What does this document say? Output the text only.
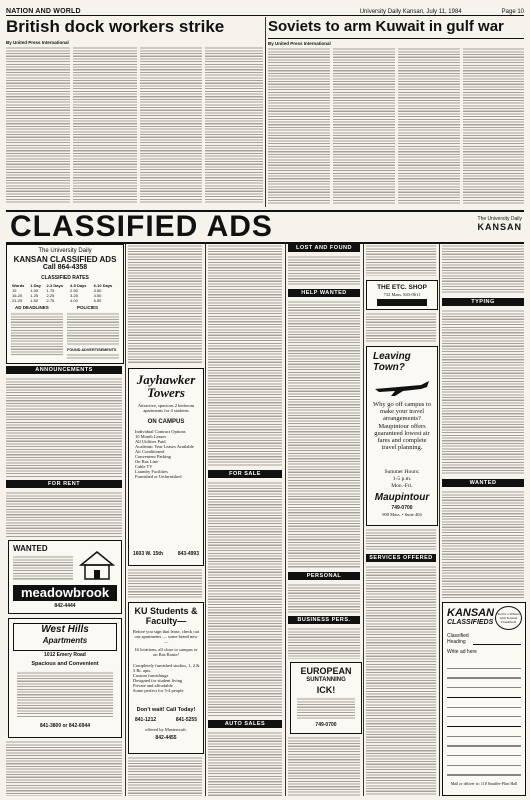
NATION AND WORLD	University Daily Kansan, July 11, 1984	Page 10
British dock workers strike
By United Press International
Soviets to arm Kuwait in gulf war
By United Press International
CLASSIFIED ADS	The University Daily
KANSAN
The University Daily
KANSAN CLASSIFIED ADS
Call 864-4358
CLASSIFIED RATES
Words	1 Day	2-3 Days	4-5 Days	6-10 Days
15	1.00	1.75	2.50	3.50
16-20	1.25	2.25	3.25	4.50
21-25	1.50	2.75	4.00	5.50
AD DEADLINES	POLICIES
FOUND ADVERTISEMENTS
ANNOUNCEMENTS
FOR RENT
WANTED
meadowbrook
842-4444
West Hills
Apartments
1012 Emery Road
Spacious and Convenient
841-3800 or 842-6944
Jayhawker
Towers
Attractive, spacious 2 bedroom apartments for 4 students
ON CAMPUS
Individual Contract Options
10 Month Leases
All Utilities Paid
Academic Year Leases Available
Air Conditioned
Convenient Parking
On Bus Line
Cable TV
Laundry Facilities
Furnished or Unfurnished
1603 W. 15th	843-4993
KU Students & Faculty—
Before you sign that lease, check out our apartments — some brand new —
16 locations, all close to campus or on Bus Route!
Completely furnished studios, 1, 2 & 3 Br. apts.
Custom furnishings
Designed for student living
Private and affordable
Some perfect for 3-4 people
Don't wait! Call Today!
841-1212	841-5255
offered by Mastercraft:
842-4455
FOR SALE
AUTO SALES
LOST AND FOUND
HELP WANTED
PERSONAL
BUSINESS PERS.
EUROPEAN
SUNTANNING
ICK!
749-0700
THE ETC. SHOP
732 Mass. 843-0611
Leaving
Town?
Why go off campus to make your travel arrangements? Maupintour offers guaranteed lowest air fares and complete travel planning.
Summer Hours:
1-5 p.m.
Mon.-Fri.
Maupintour
749-0700
900 Mass. • Suite 404
SERVICES OFFERED
TYPING
WANTED
KANSAN
CLASSIFIEDS
You're a Winner with Kansan Classifieds
Classified
Heading
Write ad here
Mail or deliver to: 118 Stauffer-Flint Hall
